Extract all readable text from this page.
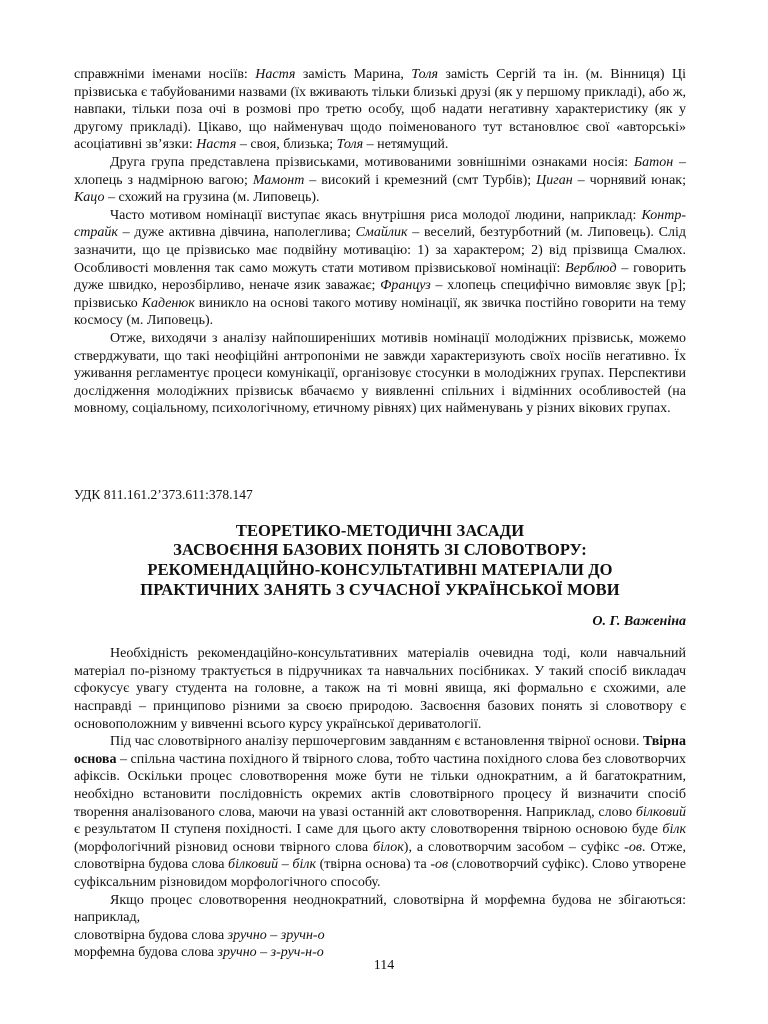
справжніми іменами носіїв: Настя замість Марина, Толя замість Сергій та ін. (м. Вінниця) Ці прізвиська є табуйованими назвами (їх вживають тільки близькі друзі (як у першому прикладі), або ж, навпаки, тільки поза очі в розмові про третю особу, щоб надати негативну характеристику (як у другому прикладі). Цікаво, що найменувач щодо поіменованого тут встановлює свої «авторські» асоціативні зв’язки: Настя – своя, близька; Толя – нетямущий.

Друга група представлена прізвиськами, мотивованими зовнішніми ознаками носія: Батон – хлопець з надмірною вагою; Мамонт – високий і кремезний (смт Турбів); Циган – чорнявий юнак; Кацо – схожий на грузина (м. Липовець).

Часто мотивом номінації виступає якась внутрішня риса молодої людини, наприклад: Контр-страйк – дуже активна дівчина, наполеглива; Смайлик – веселий, безтурботний (м. Липовець). Слід зазначити, що це прізвисько має подвійну мотивацію: 1) за характером; 2) від прізвища Смалюх. Особливості мовлення так само можуть стати мотивом прізвиськової номінації: Верблюд – говорить дуже швидко, нерозбірливо, неначе язик заважає; Француз – хлопець специфічно вимовляє звук [р]; прізвисько Каденюк виникло на основі такого мотиву номінації, як звичка постійно говорити на тему космосу (м. Липовець).

Отже, виходячи з аналізу найпоширеніших мотивів номінації молодіжних прізвиськ, можемо стверджувати, що такі неофіційні антропоніми не завжди характеризують своїх носіїв негативно. Їх уживання регламентує процеси комунікації, організовує стосунки в молодіжних групах. Перспективи дослідження молодіжних прізвиськ вбачаємо у виявленні спільних і відмінних особливостей (на мовному, соціальному, психологічному, етичному рівнях) цих найменувань у різних вікових групах.

УДК 811.161.2’373.611:378.147

ТЕОРЕТИКО-МЕТОДИЧНІ ЗАСАДИ
ЗАСВОЄННЯ БАЗОВИХ ПОНЯТЬ ЗІ СЛОВОТВОРУ:
РЕКОМЕНДАЦІЙНО-КОНСУЛЬТАТИВНІ МАТЕРІАЛИ ДО
ПРАКТИЧНИХ ЗАНЯТЬ З СУЧАСНОЇ УКРАЇНСЬКОЇ МОВИ
О. Г. Важеніна

Необхідність рекомендаційно-консультативних матеріалів очевидна тоді, коли навчальний матеріал по-різному трактується в підручниках та навчальних посібниках. У такий спосіб викладач сфокусує увагу студента на головне, а також на ті мовні явища, які формально є схожими, але насправді – принципово різними за своєю природою. Засвоєння базових понять зі словотвору є основоположним у вивченні всього курсу української дериватології.

Під час словотвірного аналізу першочерговим завданням є встановлення твірної основи. Твірна основа – спільна частина похідного й твірного слова, тобто частина похідного слова без словотворчих афіксів. Оскільки процес словотворення може бути не тільки однократним, а й багатократним, необхідно встановити послідовність окремих актів словотвірного процесу й визначити спосіб творення аналізованого слова, маючи на увазі останній акт словотворення. Наприклад, слово білковий є результатом II ступеня похідності. І саме для цього акту словотворення твірною основою буде білк (морфологічний різновид основи твірного слова білок), а словотворчим засобом – суфікс -ов. Отже, словотвірна будова слова білковий – білк (твірна основа) та -ов (словотворчий суфікс). Слово утворене суфіксальним різновидом морфологічного способу.

Якщо процес словотворення неоднократний, словотвірна й морфемна будова не збігаються: наприклад,

словотвірна будова слова зручно – зручн-о

морфемна будова слова зручно – з-руч-н-о

114
